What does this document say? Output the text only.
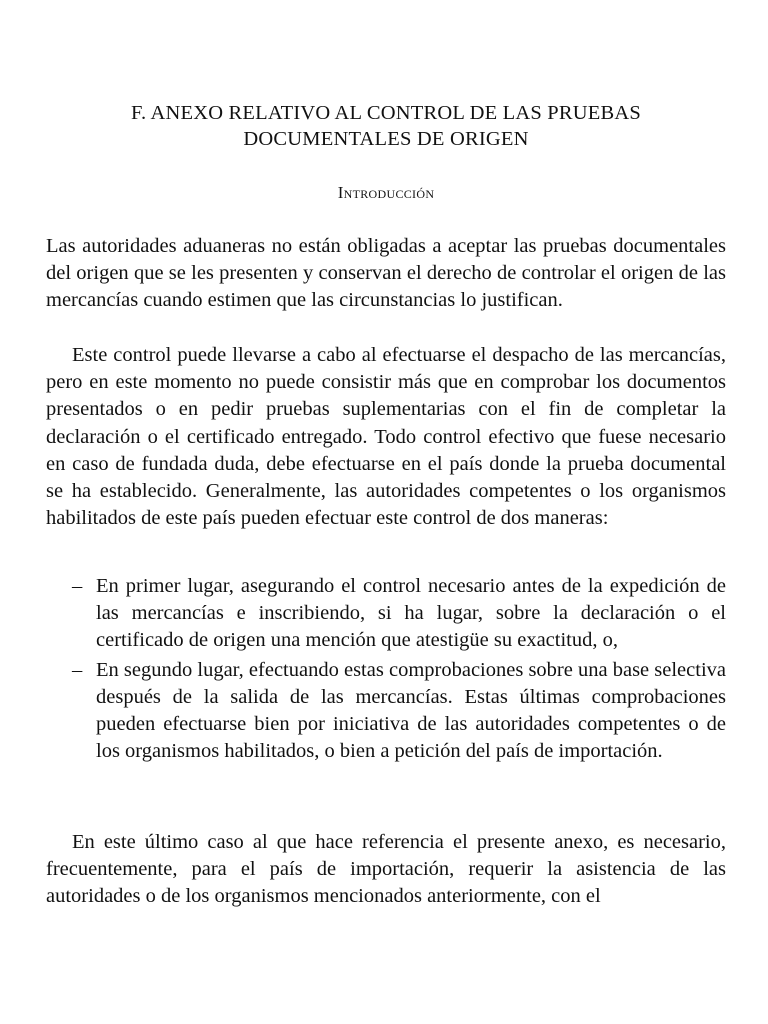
F. ANEXO RELATIVO AL CONTROL DE LAS PRUEBAS DOCUMENTALES DE ORIGEN
Introducción

Las autoridades aduaneras no están obligadas a aceptar las pruebas documentales del origen que se les presenten y conservan el derecho de controlar el origen de las mercancías cuando estimen que las circunstancias lo justifican.

Este control puede llevarse a cabo al efectuarse el despacho de las mercancías, pero en este momento no puede consistir más que en comprobar los documentos presentados o en pedir pruebas suplementarias con el fin de completar la declaración o el certificado entregado. Todo control efectivo que fuese necesario en caso de fundada duda, debe efectuarse en el país donde la prueba documental se ha establecido. Generalmente, las autoridades competentes o los organismos habilitados de este país pueden efectuar este control de dos maneras:

– En primer lugar, asegurando el control necesario antes de la expedición de las mercancías e inscribiendo, si ha lugar, sobre la declaración o el certificado de origen una mención que atestigüe su exactitud, o,
– En segundo lugar, efectuando estas comprobaciones sobre una base selectiva después de la salida de las mercancías. Estas últimas comprobaciones pueden efectuarse bien por iniciativa de las autoridades competentes o de los organismos habilitados, o bien a petición del país de importación.

En este último caso al que hace referencia el presente anexo, es necesario, frecuentemente, para el país de importación, requerir la asistencia de las autoridades o de los organismos mencionados anteriormente, con el
